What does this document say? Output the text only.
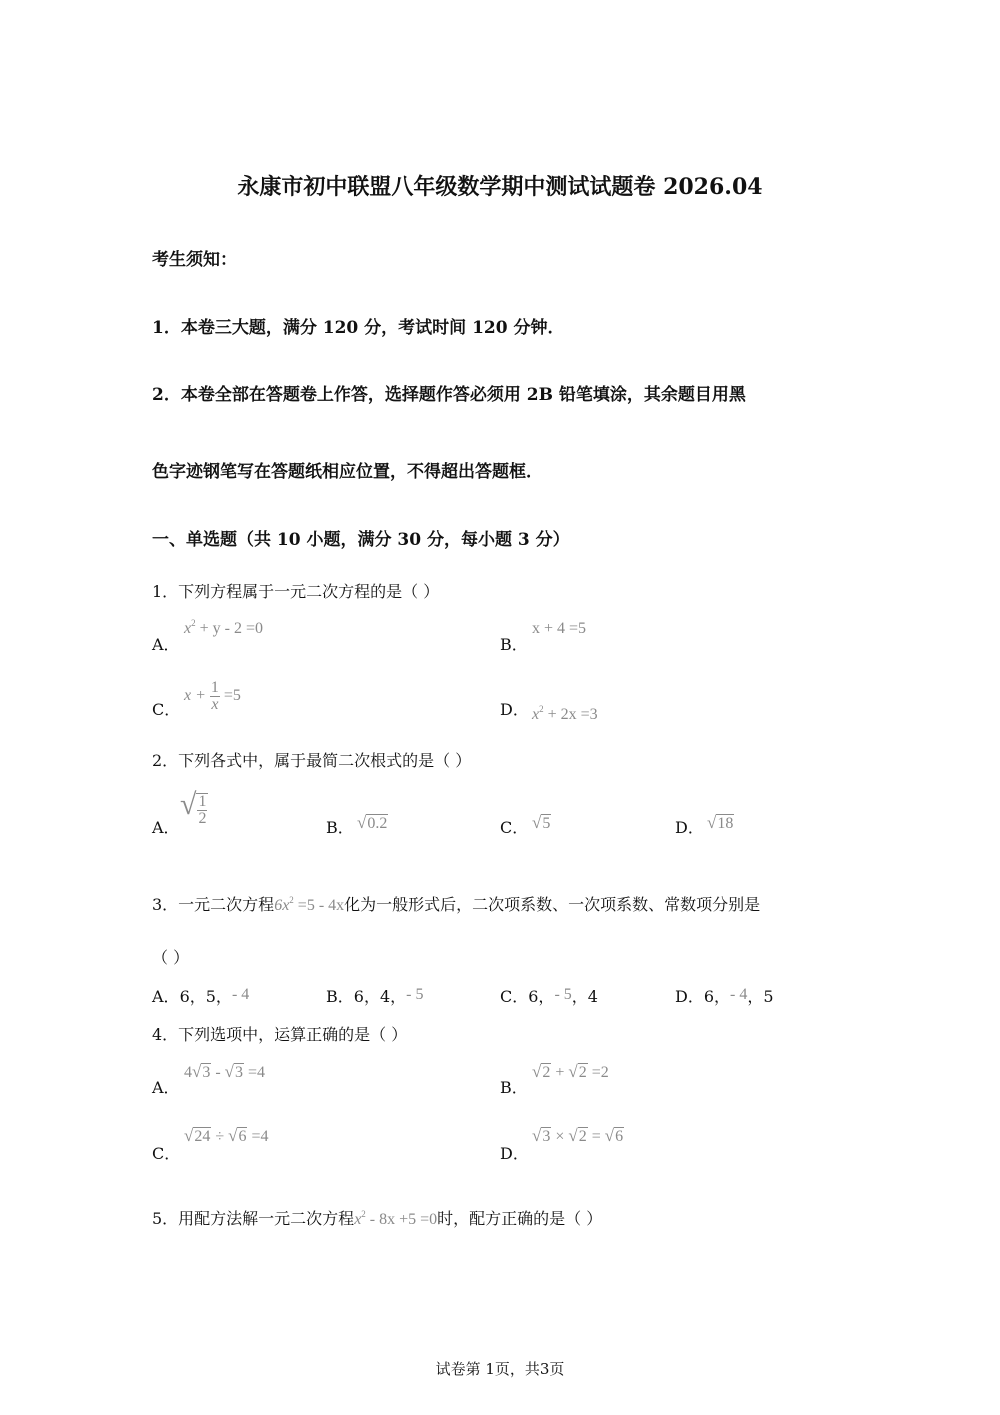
永康市初中联盟八年级数学期中测试试题卷 2026.04
考生须知：
1．本卷三大题，满分 120 分，考试时间 120 分钟．
2．本卷全部在答题卷上作答，选择题作答必须用 2B 铅笔填涂，其余题目用黑
色字迹钢笔写在答题纸相应位置，不得超出答题框．
一、单选题（共 10 小题，满分 30 分，每小题 3 分）
1．下列方程属于一元二次方程的是（ ）
A．
$x^2 + y - 2 =0$
B．
x + 4 =5
C．
$x + \frac{1}{x} =5$
D． $x^2 + 2x =3$
2．下列各式中，属于最简二次根式的是（ ）
A．
√ $\frac{1}{2}$
B． √0.2	C． √5	D． √18
3．一元二次方程$6x^2 =5 - 4x$化为一般形式后，二次项系数、一次项系数、常数项分别是
（ ）
A．6，5，- 4	B．6，4，- 5	C．6，- 5，4	D．6，- 4，5
4．下列选项中，运算正确的是（ ）
A．
4√3 - √3 =4
B．
√2 + √2 =2
C．
√24 ÷ √6 =4
D．
√3 × √2 = √6
5．用配方法解一元二次方程$x^2 - 8x +5 =0$时，配方正确的是（ ）
试卷第 1页，共3页
